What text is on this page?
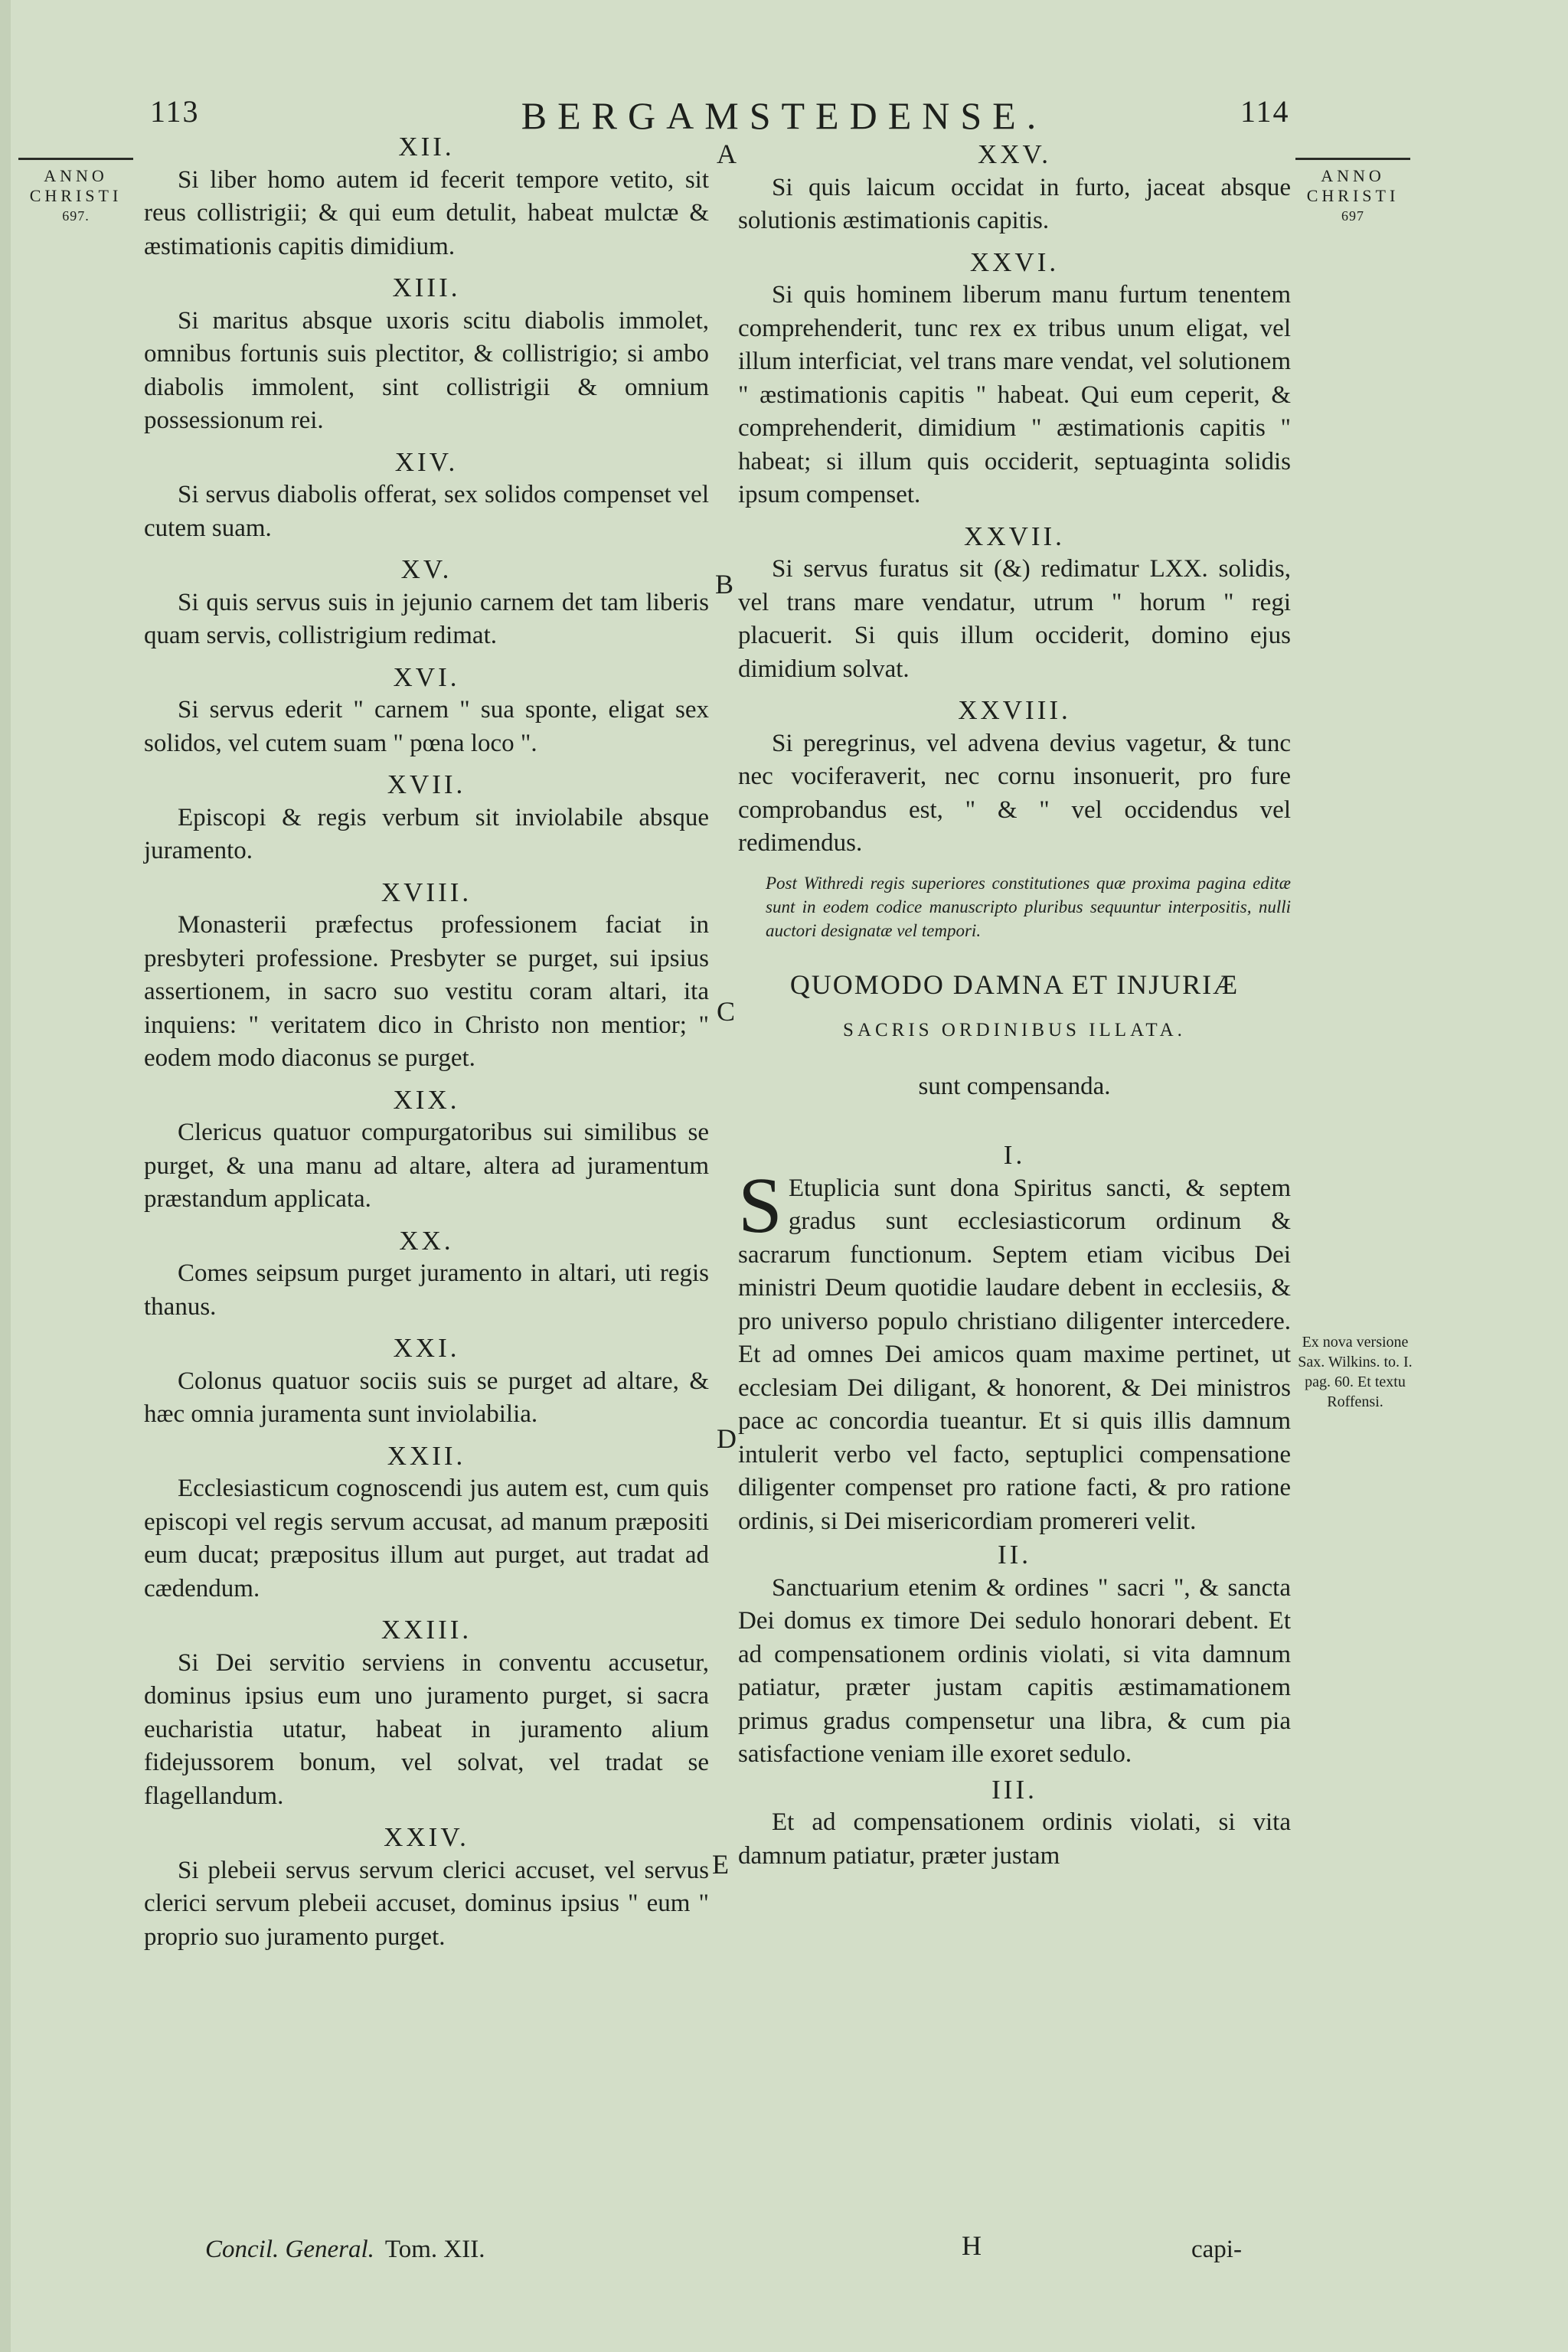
113	BERGAMSTEDENSE.	114
ANNO
CHRISTI
697.
ANNO
CHRISTI
697
A
B
C
D
E
XII.

Si liber homo autem id fecerit tempore vetito, sit reus collistrigii; & qui eum detulit, habeat mulctæ & æstimationis capitis dimidium.

XIII.

Si maritus absque uxoris scitu diabolis immolet, omnibus fortunis suis plectitor, & collistrigio; si ambo diabolis immolent, sint collistrigii & omnium possessionum rei.

XIV.

Si servus diabolis offerat, sex solidos compenset vel cutem suam.

XV.

Si quis servus suis in jejunio carnem det tam liberis quam servis, collistrigium redimat.

XVI.

Si servus ederit " carnem " sua sponte, eligat sex solidos, vel cutem suam " pœna loco ".

XVII.

Episcopi & regis verbum sit inviolabile absque juramento.

XVIII.

Monasterii præfectus professionem faciat in presbyteri professione. Presbyter se purget, sui ipsius assertionem, in sacro suo vestitu coram altari, ita inquiens: " veritatem dico in Christo non mentior; " eodem modo diaconus se purget.

XIX.

Clericus quatuor compurgatoribus sui similibus se purget, & una manu ad altare, altera ad juramentum præstandum applicata.

XX.

Comes seipsum purget juramento in altari, uti regis thanus.

XXI.

Colonus quatuor sociis suis se purget ad altare, & hæc omnia juramenta sunt inviolabilia.

XXII.

Ecclesiasticum cognoscendi jus autem est, cum quis episcopi vel regis servum accusat, ad manum præpositi eum ducat; præpositus illum aut purget, aut tradat ad cædendum.

XXIII.

Si Dei servitio serviens in conventu accusetur, dominus ipsius eum uno juramento purget, si sacra eucharistia utatur, habeat in juramento alium fidejussorem bonum, vel solvat, vel tradat se flagellandum.

XXIV.

Si plebeii servus servum clerici accuset, vel servus clerici servum plebeii accuset, dominus ipsius " eum " proprio suo juramento purget.

XXV.

Si quis laicum occidat in furto, jaceat absque solutionis æstimationis capitis.

XXVI.

Si quis hominem liberum manu furtum tenentem comprehenderit, tunc rex ex tribus unum eligat, vel illum interficiat, vel trans mare vendat, vel solutionem " æstimationis capitis " habeat. Qui eum ceperit, & comprehenderit, dimidium " æstimationis capitis " habeat; si illum quis occiderit, septuaginta solidis ipsum compenset.

XXVII.

Si servus furatus sit (&) redimatur LXX. solidis, vel trans mare vendatur, utrum " horum " regi placuerit. Si quis illum occiderit, domino ejus dimidium solvat.

XXVIII.

Si peregrinus, vel advena devius vagetur, & tunc nec vociferaverit, nec cornu insonuerit, pro fure comprobandus est, " & " vel occidendus vel redimendus.

Post Withredi regis superiores constitutiones quæ proxima pagina editæ sunt in eodem codice manuscripto pluribus sequuntur interpositis, nulli auctori designatæ vel tempori.
QUOMODO DAMNA ET INJURIÆ
SACRIS ORDINIBUS ILLATA.
sunt compensanda.
I.

S Etuplicia sunt dona Spiritus sancti, & septem gradus sunt ecclesiasticorum ordinum & sacrarum functionum. Septem etiam vicibus Dei ministri Deum quotidie laudare debent in ecclesiis, & pro universo populo christiano diligenter intercedere. Et ad omnes Dei amicos quam maxime pertinet, ut ecclesiam Dei diligant, & honorent, & Dei ministros pace ac concordia tueantur. Et si quis illis damnum intulerit verbo vel facto, septuplici compensatione diligenter compenset pro ratione facti, & pro ratione ordinis, si Dei misericordiam promereri velit.

II.

Sanctuarium etenim & ordines " sacri ", & sancta Dei domus ex timore Dei sedulo honorari debent. Et ad compensationem ordinis violati, si vita damnum patiatur, præter justam capitis æstimamationem primus gradus compensetur una libra, & cum pia satisfactione veniam ille exoret sedulo.

III.

Et ad compensationem ordinis violati, si vita damnum patiatur, præter justam

Ex nova versione Sax. Wilkins. to. I. pag. 60. Et textu Roffensi.
Concil. General. Tom. XII.	H	capi-
